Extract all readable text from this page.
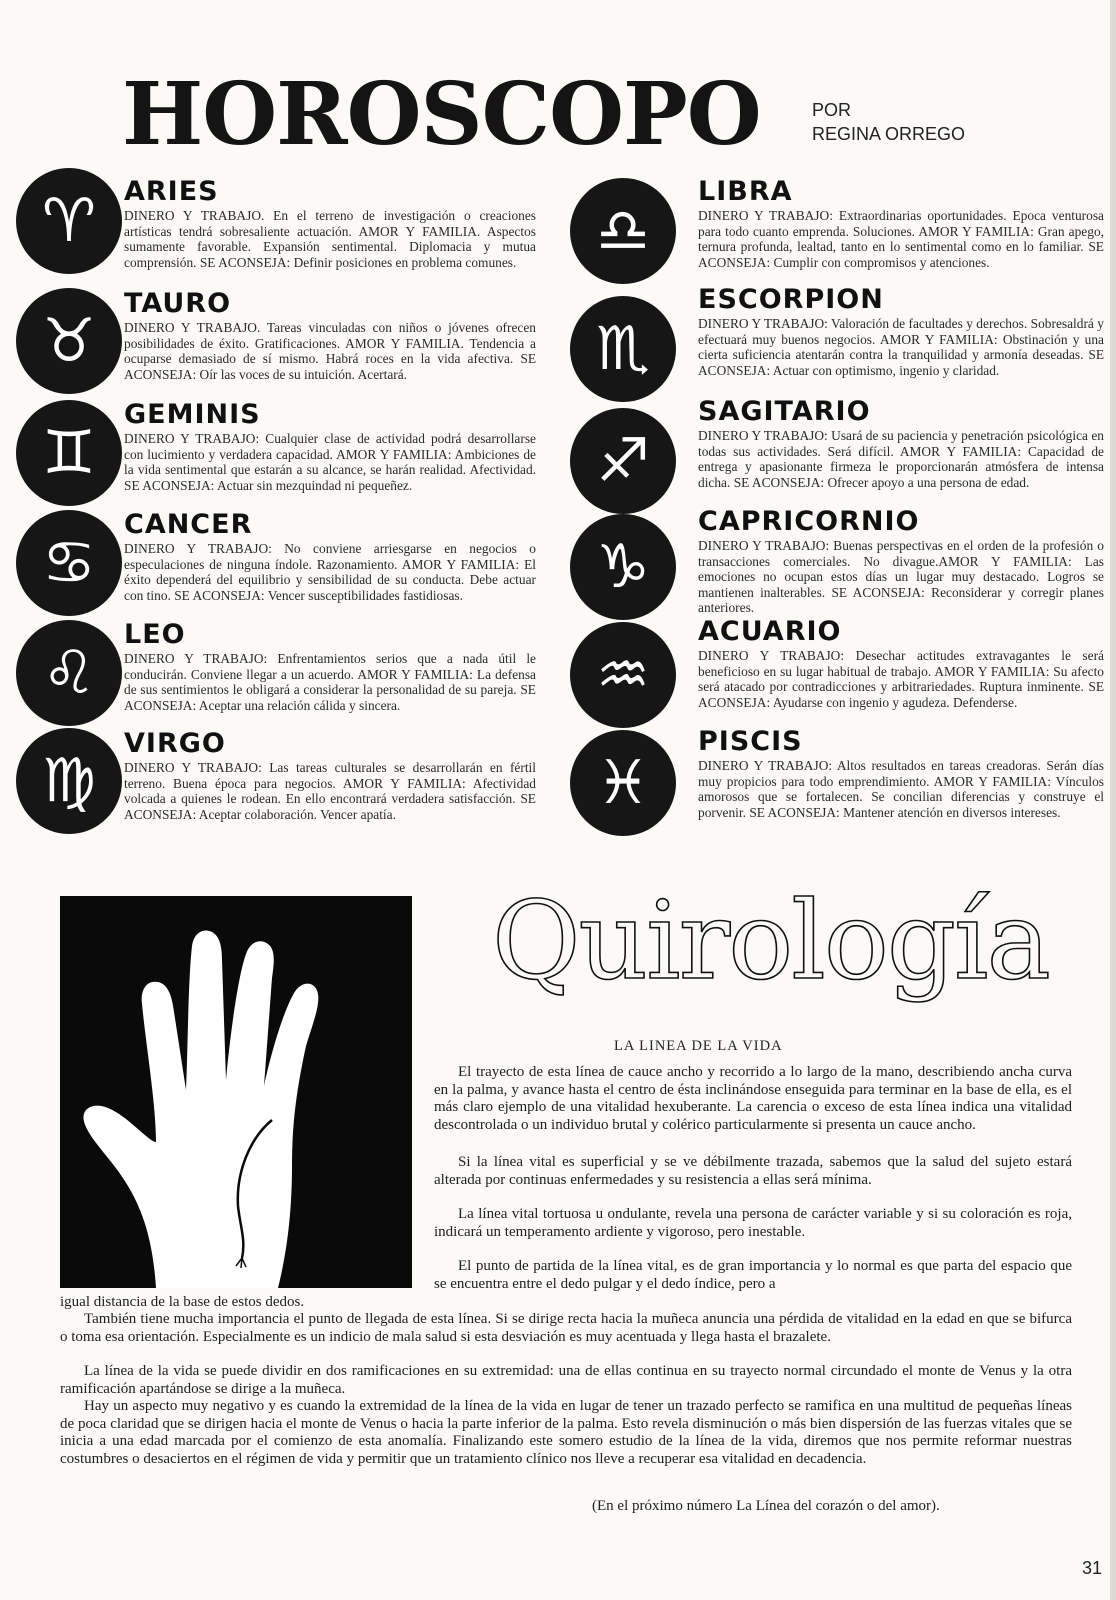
HOROSCOPO	POR
REGINA ORREGO
♈
♉
♊
♋
♌
♍
♎
♏
♐
♑
♒
♓
ARIES

DINERO Y TRABAJO. En el terreno de investigación o creaciones artísticas tendrá sobresaliente actuación. AMOR Y FAMILIA. Aspectos sumamente favorable. Expansión sentimental. Diplomacia y mutua comprensión. SE ACONSEJA: Definir posiciones en problema comunes.

TAURO

DINERO Y TRABAJO. Tareas vinculadas con niños o jóvenes ofrecen posibilidades de éxito. Gratificaciones. AMOR Y FAMILIA. Tendencia a ocuparse demasiado de sí mismo. Habrá roces en la vida afectiva. SE ACONSEJA: Oír las voces de su intuición. Acertará.

GEMINIS

DINERO Y TRABAJO: Cualquier clase de actividad podrá desarrollarse con lucimiento y verdadera capacidad. AMOR Y FAMILIA: Ambiciones de la vida sentimental que estarán a su alcance, se harán realidad. Afectividad. SE ACONSEJA: Actuar sin mezquindad ni pequeñez.

CANCER

DINERO Y TRABAJO: No conviene arriesgarse en negocios o especulaciones de ninguna índole. Razonamiento. AMOR Y FAMILIA: El éxito dependerá del equilibrio y sensibilidad de su conducta. Debe actuar con tino. SE ACONSEJA: Vencer susceptibilidades fastidiosas.

LEO

DINERO Y TRABAJO: Enfrentamientos serios que a nada útil le conducirán. Conviene llegar a un acuerdo. AMOR Y FAMILIA: La defensa de sus sentimientos le obligará a considerar la personalidad de su pareja. SE ACONSEJA: Aceptar una relación cálida y sincera.

VIRGO

DINERO Y TRABAJO: Las tareas culturales se desarrollarán en fértil terreno. Buena época para negocios. AMOR Y FAMILIA: Afectividad volcada a quienes le rodean. En ello encontrará verdadera satisfacción. SE ACONSEJA: Aceptar colaboración. Vencer apatía.

LIBRA

DINERO Y TRABAJO: Extraordinarias oportunidades. Epoca venturosa para todo cuanto emprenda. Soluciones. AMOR Y FAMILIA: Gran apego, ternura profunda, lealtad, tanto en lo sentimental como en lo familiar. SE ACONSEJA: Cumplir con compromisos y atenciones.

ESCORPION

DINERO Y TRABAJO: Valoración de facultades y derechos. Sobresaldrá y efectuará muy buenos negocios. AMOR Y FAMILIA: Obstinación y una cierta suficiencia atentarán contra la tranquilidad y armonía deseadas. SE ACONSEJA: Actuar con optimismo, ingenio y claridad.

SAGITARIO

DINERO Y TRABAJO: Usará de su paciencia y penetración psicológica en todas sus actividades. Será difícil. AMOR Y FAMILIA: Capacidad de entrega y apasionante firmeza le proporcionarán atmósfera de intensa dicha. SE ACONSEJA: Ofrecer apoyo a una persona de edad.

CAPRICORNIO

DINERO Y TRABAJO: Buenas perspectivas en el orden de la profesión o transacciones comerciales. No divague.AMOR Y FAMILIA: Las emociones no ocupan estos días un lugar muy destacado. Logros se mantienen inalterables. SE ACONSEJA: Reconsiderar y corregir planes anteriores.

ACUARIO

DINERO Y TRABAJO: Desechar actitudes extravagantes le será beneficioso en su lugar habitual de trabajo. AMOR Y FAMILIA: Su afecto será atacado por contradicciones y arbitrariedades. Ruptura inminente. SE ACONSEJA: Ayudarse con ingenio y agudeza. Defenderse.

PISCIS

DINERO Y TRABAJO: Altos resultados en tareas creadoras. Serán días muy propicios para todo emprendimiento. AMOR Y FAMILIA: Vínculos amorosos que se fortalecen. Se concilian diferencias y construye el porvenir. SE ACONSEJA: Mantener atención en diversos intereses.

Quirología
LA LINEA DE LA VIDA

El trayecto de esta línea de cauce ancho y recorrido a lo largo de la mano, describiendo ancha curva en la palma, y avance hasta el centro de ésta inclinándose enseguida para terminar en la base de ella, es el más claro ejemplo de una vitalidad hexuberante. La carencia o exceso de esta línea indica una vitalidad descontrolada o un individuo brutal y colérico particularmente si presenta un cauce ancho.

Si la línea vital es superficial y se ve débilmente trazada, sabemos que la salud del sujeto estará alterada por continuas enfermedades y su resistencia a ellas será mínima.

La línea vital tortuosa u ondulante, revela una persona de carácter variable y si su coloración es roja, indicará un temperamento ardiente y vigoroso, pero inestable.

El punto de partida de la línea vital, es de gran importancia y lo normal es que parta del espacio que se encuentra entre el dedo pulgar y el dedo índice, pero a

igual distancia de la base de estos dedos.

También tiene mucha importancia el punto de llegada de esta línea. Si se dirige recta hacia la muñeca anuncia una pérdida de vitalidad en la edad en que se bifurca o toma esa orientación. Especialmente es un indicio de mala salud si esta desviación es muy acentuada y llega hasta el brazalete.

La línea de la vida se puede dividir en dos ramificaciones en su extremidad: una de ellas continua en su trayecto normal circundado el monte de Venus y la otra ramificación apartándose se dirige a la muñeca.

Hay un aspecto muy negativo y es cuando la extremidad de la línea de la vida en lugar de tener un trazado perfecto se ramifica en una multitud de pequeñas líneas de poca claridad que se dirigen hacia el monte de Venus o hacia la parte inferior de la palma. Esto revela disminución o más bien dispersión de las fuerzas vitales que se inicia a una edad marcada por el comienzo de esta anomalía. Finalizando este somero estudio de la línea de la vida, diremos que nos permite reformar nuestras costumbres o desaciertos en el régimen de vida y permitir que un tratamiento clínico nos lleve a recuperar esa vitalidad en decadencia.

(En el próximo número La Línea del corazón o del amor).
31
